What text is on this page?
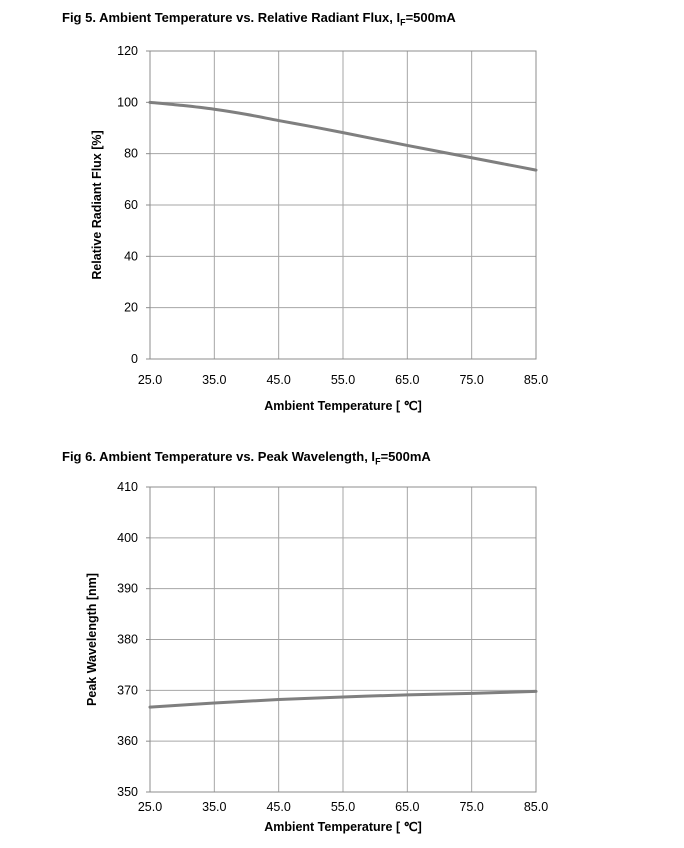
Fig 5. Ambient Temperature vs. Relative Radiant Flux, $I_F=500mA$
Fig 6. Ambient Temperature vs. Peak Wavelength, $I_F=500mA$
0
20
40
60
80
100
120
25.0	35.0	45.0	55.0	65.0	75.0	85.0
Ambient Temperature [ ℃]
Relative Radiant Flux [%]
350
360
370
380
390
400
410
25.0	35.0	45.0	55.0	65.0	75.0	85.0
Ambient Temperature [ ℃]
Peak Wavelength [nm]
